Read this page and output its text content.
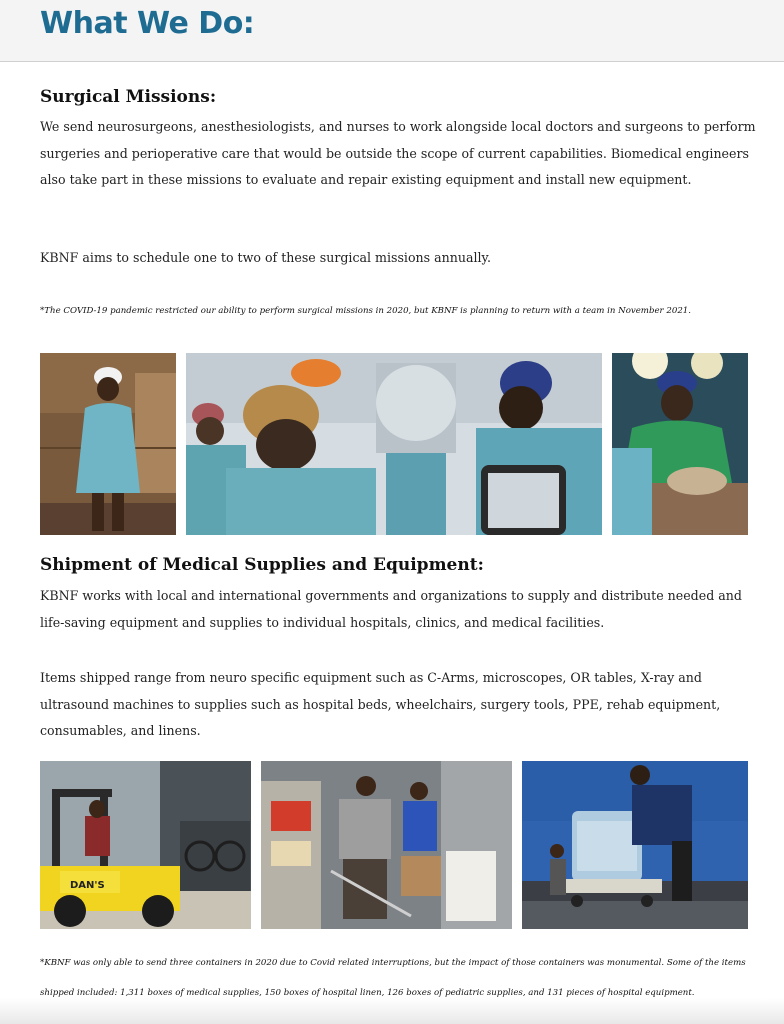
What We Do:
Surgical Missions:

We send neurosurgeons, anesthesiologists, and nurses to work alongside local doctors and surgeons to perform surgeries and perioperative care that would be outside the scope of current capabilities. Biomedical engineers also take part in these missions to evaluate and repair existing equipment and install new equipment.

KBNF aims to schedule one to two of these surgical missions annually.

*The COVID-19 pandemic restricted our ability to perform surgical missions in 2020, but KBNF is planning to return with a team in November 2021.

Shipment of Medical Supplies and Equipment:

KBNF works with local and international governments and organizations to supply and distribute needed and life-saving equipment and supplies to individual hospitals, clinics, and medical facilities.

Items shipped range from neuro specific equipment such as C-Arms, microscopes, OR tables, X-ray and ultrasound machines to supplies such as hospital beds, wheelchairs, surgery tools, PPE, rehab equipment, consumables, and linens.

DAN'S

*KBNF was only able to send three containers in 2020 due to Covid related interruptions, but the impact of those containers was monumental. Some of the items shipped included: 1,311 boxes of medical supplies, 150 boxes of hospital linen, 126 boxes of pediatric supplies, and 131 pieces of hospital equipment.
